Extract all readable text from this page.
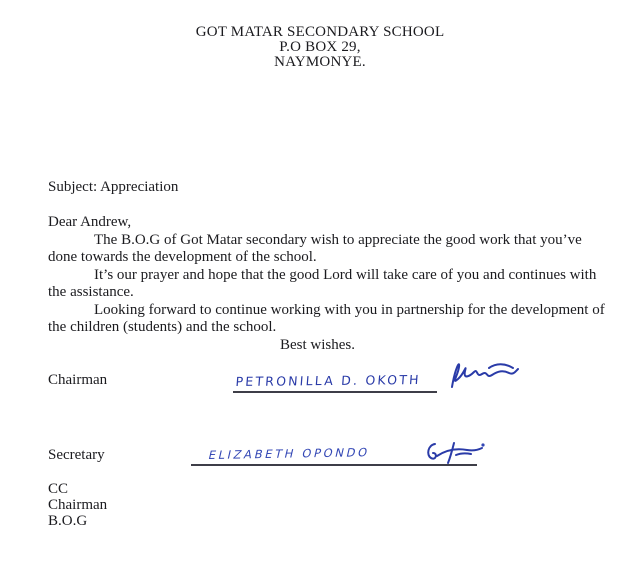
GOT MATAR SECONDARY SCHOOL
P.O BOX 29,
NAYMONYE.
Subject: Appreciation
Dear Andrew,

The B.O.G of Got Matar secondary wish to appreciate the good work that you’ve done towards the development of the school.

It’s our prayer and hope that the good Lord will take care of you and continues with the assistance.

Looking forward to continue working with you in partnership for the development of the children (students) and the school.

Best wishes.
Chairman	PETRONILLA D. OKOTH
Secretary	ELIZABETH OPONDO
CC
Chairman
B.O.G
